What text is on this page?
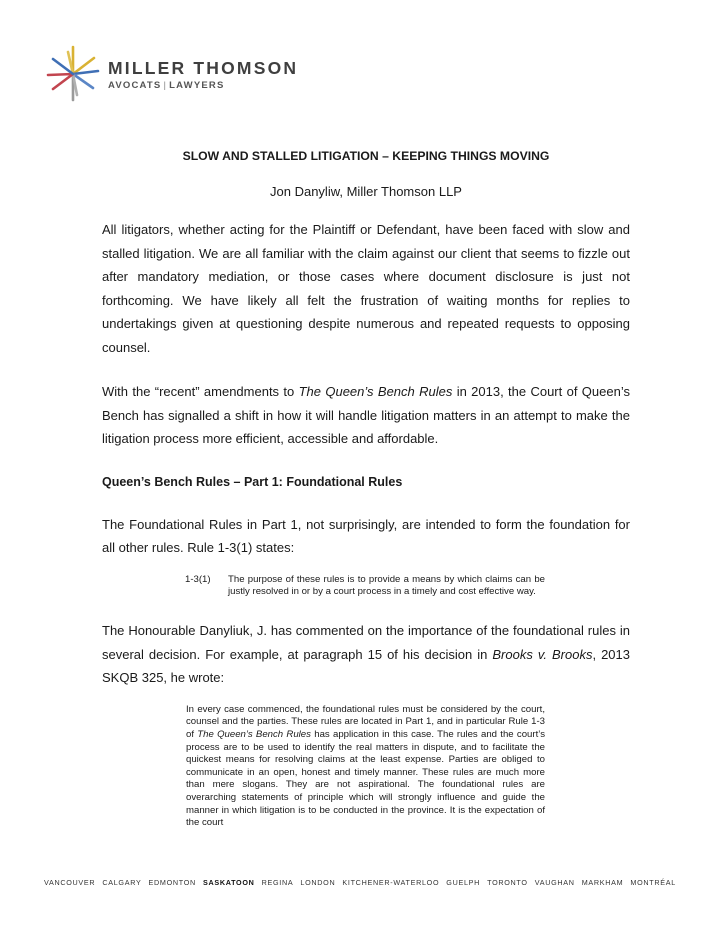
MILLER THOMSON
AVOCATS | LAWYERS

SLOW AND STALLED LITIGATION – KEEPING THINGS MOVING

Jon Danyliw, Miller Thomson LLP

All litigators, whether acting for the Plaintiff or Defendant, have been faced with slow and stalled litigation. We are all familiar with the claim against our client that seems to fizzle out after mandatory mediation, or those cases where document disclosure is just not forthcoming. We have likely all felt the frustration of waiting months for replies to undertakings given at questioning despite numerous and repeated requests to opposing counsel.

With the “recent” amendments to The Queen’s Bench Rules in 2013, the Court of Queen’s Bench has signalled a shift in how it will handle litigation matters in an attempt to make the litigation process more efficient, accessible and affordable.

Queen’s Bench Rules – Part 1: Foundational Rules

The Foundational Rules in Part 1, not surprisingly, are intended to form the foundation for all other rules. Rule 1-3(1) states:

1-3(1)	The purpose of these rules is to provide a means by which claims can be justly resolved in or by a court process in a timely and cost effective way.

The Honourable Danyliuk, J. has commented on the importance of the foundational rules in several decision. For example, at paragraph 15 of his decision in Brooks v. Brooks, 2013 SKQB 325, he wrote:

In every case commenced, the foundational rules must be considered by the court, counsel and the parties. These rules are located in Part 1, and in particular Rule 1-3 of The Queen’s Bench Rules has application in this case. The rules and the court’s process are to be used to identify the real matters in dispute, and to facilitate the quickest means for resolving claims at the least expense. Parties are obliged to communicate in an open, honest and timely manner. These rules are much more than mere slogans. They are not aspirational. The foundational rules are overarching statements of principle which will strongly influence and guide the manner in which litigation is to be conducted in the province. It is the expectation of the court
VANCOUVER CALGARY EDMONTON SASKATOON REGINA LONDON KITCHENER-WATERLOO GUELPH TORONTO VAUGHAN MARKHAM MONTRÉAL
